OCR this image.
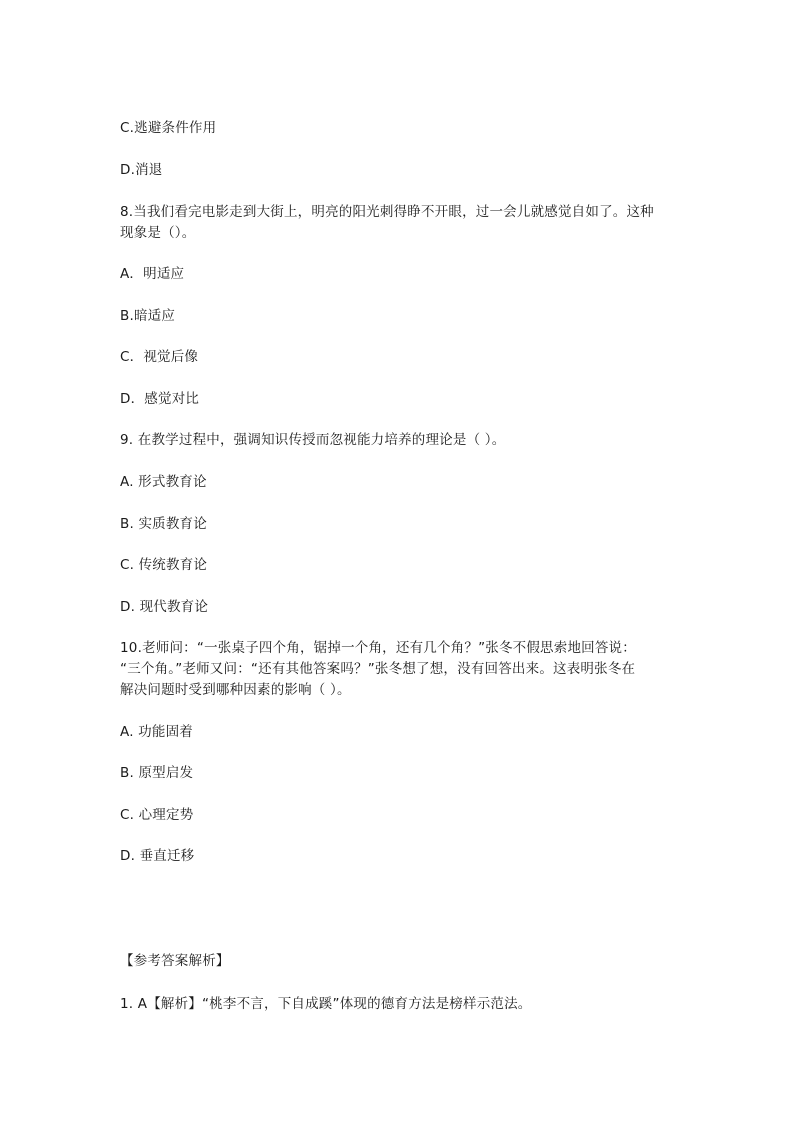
C.逃避条件作用
D.消退
8.当我们看完电影走到大街上，明亮的阳光刺得睁不开眼，过一会儿就感觉自如了。这种
现象是（）。
A．明适应
B.暗适应
C．视觉后像
D．感觉对比
9. 在教学过程中，强调知识传授而忽视能力培养的理论是（ ）。
A. 形式教育论
B. 实质教育论
C. 传统教育论
D. 现代教育论
10.老师问：“一张桌子四个角，锯掉一个角，还有几个角？”张冬不假思索地回答说：
“三个角。”老师又问：“还有其他答案吗？”张冬想了想，没有回答出来。这表明张冬在
解决问题时受到哪种因素的影响（ ）。
A. 功能固着
B. 原型启发
C. 心理定势
D. 垂直迁移
【参考答案解析】
1. A【解析】“桃李不言，下自成蹊”体现的德育方法是榜样示范法。
